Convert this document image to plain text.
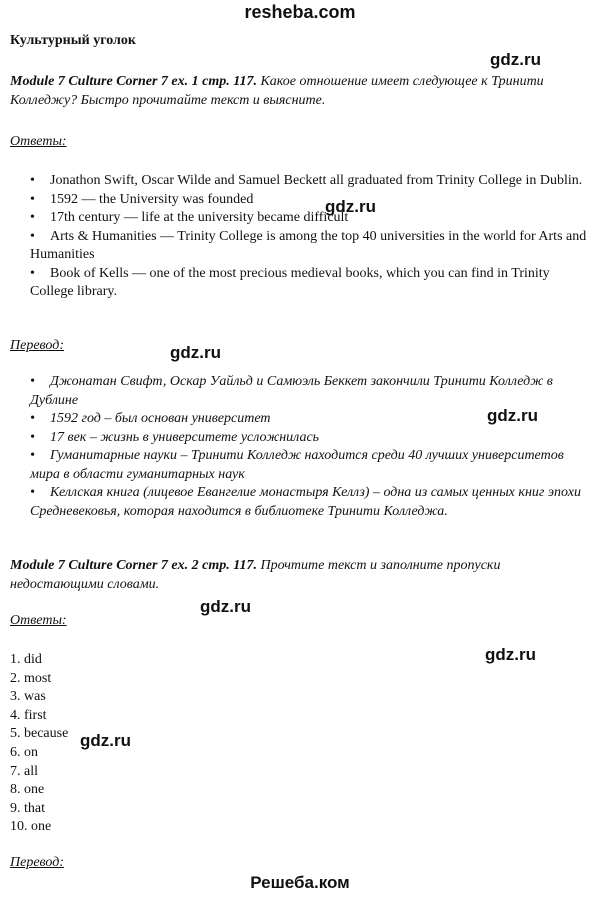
resheba.com
Культурный уголок
gdz.ru
Module 7 Culture Corner 7 ex. 1 стр. 117. Какое отношение имеет следующее к Тринити Колледжу? Быстро прочитайте текст и выясните.
Ответы:
• Jonathon Swift, Oscar Wilde and Samuel Beckett all graduated from Trinity College in Dublin.
• 1592 — the University was founded
• 17th century — life at the university became difficult
• Arts & Humanities — Trinity College is among the top 40 universities in the world for Arts and Humanities
• Book of Kells — one of the most precious medieval books, which you can find in Trinity College library.
gdz.ru
Перевод:	gdz.ru
• Джонатан Свифт, Оскар Уайльд и Самюэль Беккет закончили Тринити Колледж в Дублине
• 1592 год – был основан университет
• 17 век – жизнь в университете усложнилась
• Гуманитарные науки – Тринити Колледж находится среди 40 лучших университетов мира в области гуманитарных наук
• Келлская книга (лицевое Евангелие монастыря Келлз) – одна из самых ценных книг эпохи Средневековья, которая находится в библиотеке Тринити Колледжа.
gdz.ru
Module 7 Culture Corner 7 ex. 2 стр. 117. Прочтите текст и заполните пропуски недостающими словами.
gdz.ru
Ответы:
gdz.ru
1. did
2. most
3. was
4. first
5. because
6. on
7. all
8. one
9. that
10. one
gdz.ru
Перевод:
Решеба.ком
